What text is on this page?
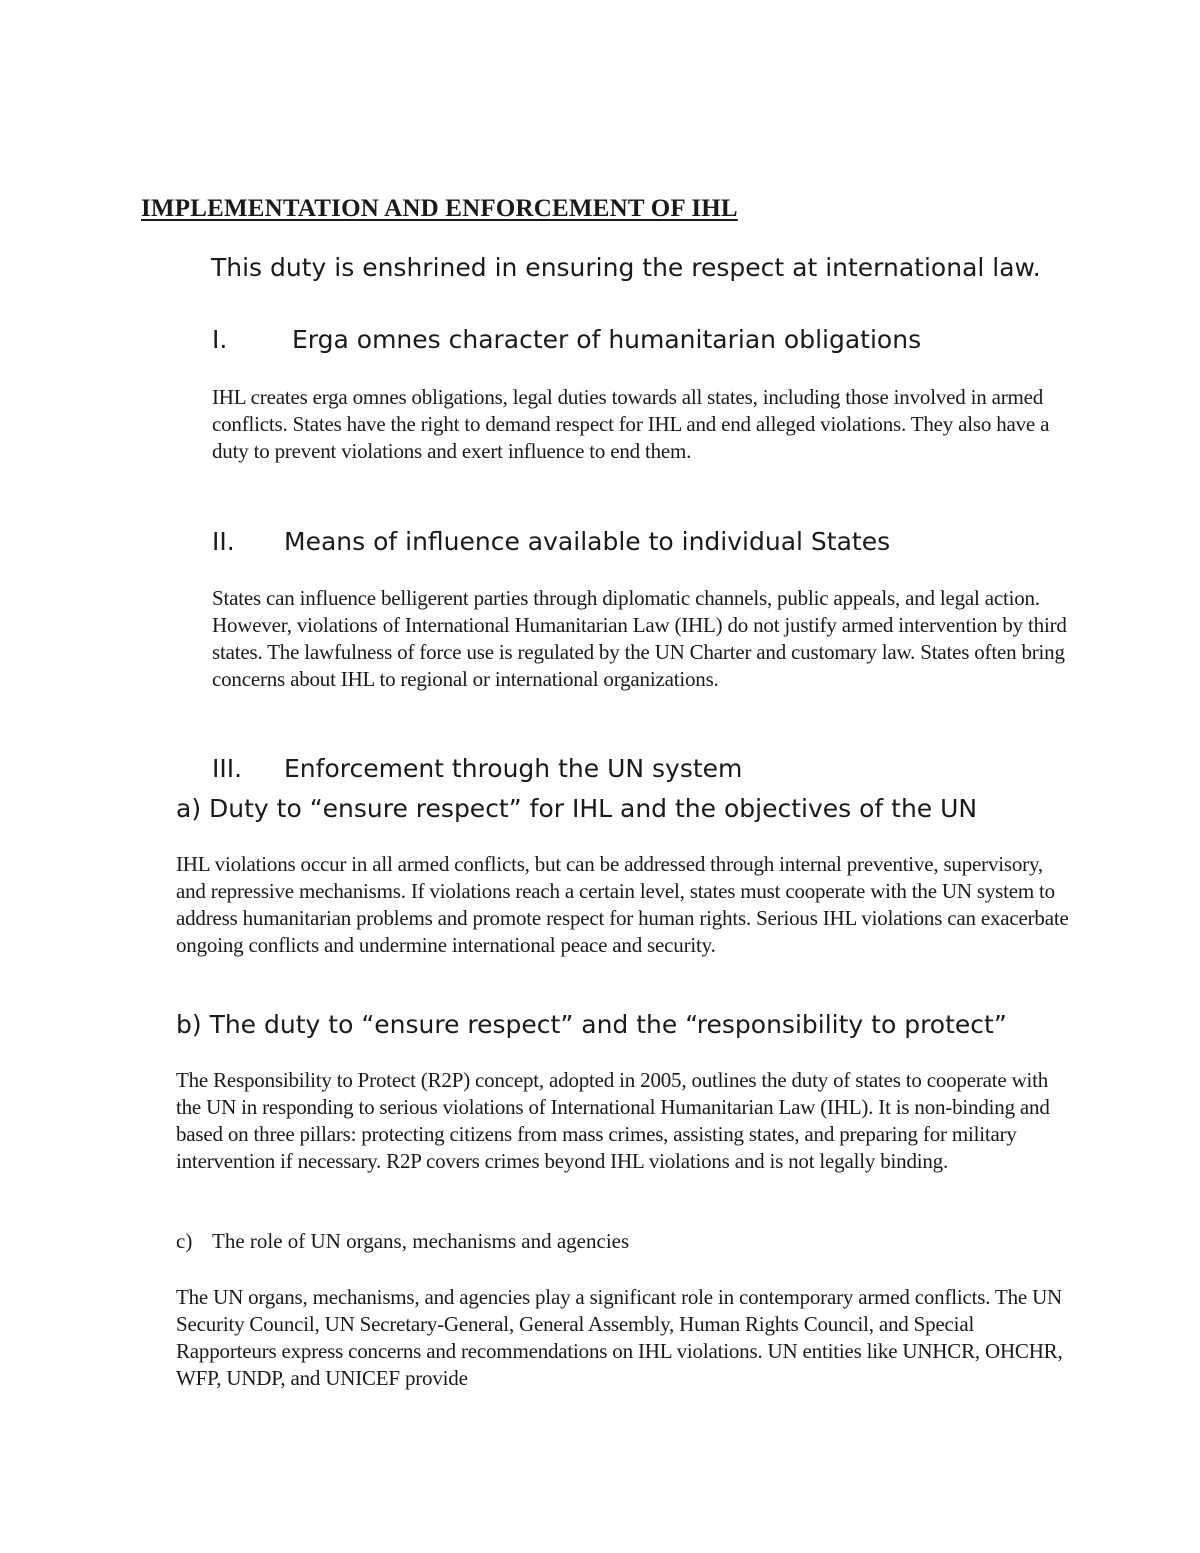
IMPLEMENTATION AND ENFORCEMENT OF IHL

This duty is enshrined in ensuring the respect at international law.

I.	Erga omnes character of humanitarian obligations

IHL creates erga omnes obligations, legal duties towards all states, including those involved in armed conflicts. States have the right to demand respect for IHL and end alleged violations. They also have a duty to prevent violations and exert influence to end them.

II. Means of influence available to individual States

States can influence belligerent parties through diplomatic channels, public appeals, and legal action. However, violations of International Humanitarian Law (IHL) do not justify armed intervention by third states. The lawfulness of force use is regulated by the UN Charter and customary law. States often bring concerns about IHL to regional or international organizations.

III. Enforcement through the UN system
a) Duty to “ensure respect” for IHL and the objectives of the UN

IHL violations occur in all armed conflicts, but can be addressed through internal preventive, supervisory, and repressive mechanisms. If violations reach a certain level, states must cooperate with the UN system to address humanitarian problems and promote respect for human rights. Serious IHL violations can exacerbate ongoing conflicts and undermine international peace and security.

b) The duty to “ensure respect” and the “responsibility to protect”

The Responsibility to Protect (R2P) concept, adopted in 2005, outlines the duty of states to cooperate with the UN in responding to serious violations of International Humanitarian Law (IHL). It is non-binding and based on three pillars: protecting citizens from mass crimes, assisting states, and preparing for military intervention if necessary. R2P covers crimes beyond IHL violations and is not legally binding.

c) The role of UN organs, mechanisms and agencies

The UN organs, mechanisms, and agencies play a significant role in contemporary armed conflicts. The UN Security Council, UN Secretary-General, General Assembly, Human Rights Council, and Special Rapporteurs express concerns and recommendations on IHL violations. UN entities like UNHCR, OHCHR, WFP, UNDP, and UNICEF provide
